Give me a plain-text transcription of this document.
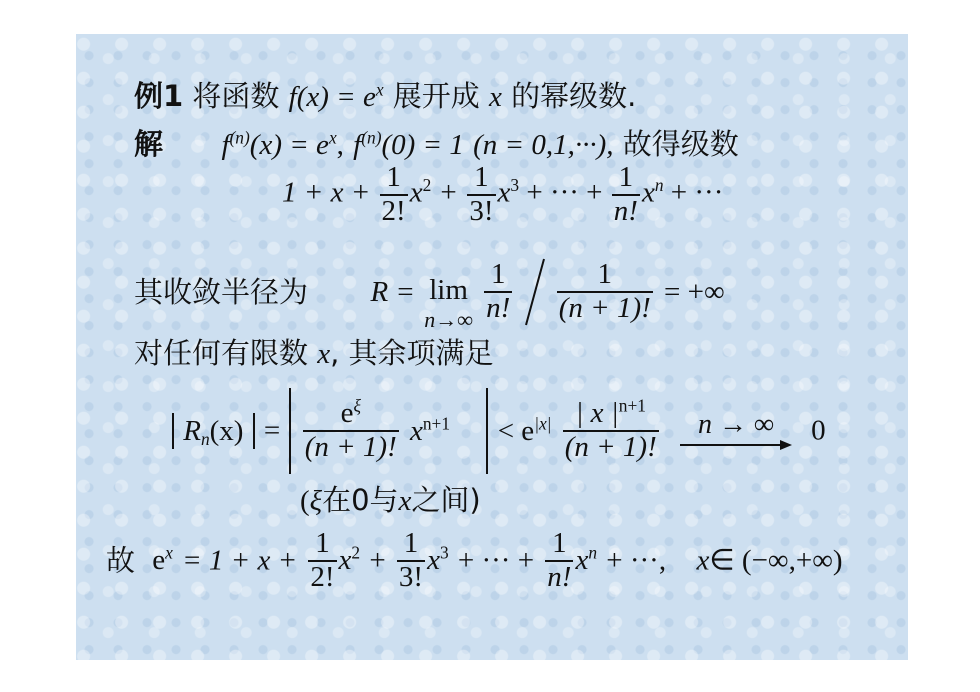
例1 将函数 $f(x) = e^x$ 展开成 x 的幂级数.
解 $f^{(n)}(x) = e^x$, $f^{(n)}(0) = 1$ (n = 0,1,···), 故得级数
$1 + x + \frac{1}{2!} x^2 + \frac{1}{3!} x^3$ + ··· + $\frac{1}{n!} x^n$ + ···
其收敛半径为 R = lim
n→∞
$\frac{1}{n!}$
$\frac{1}{(n + 1)!}$ = +∞
对任何有限数 x, 其余项满足
$R_n(x) = \frac{e^\xi}{(n + 1)!} x^{n+1} < e^{|x|} \frac{| x |^{n+1}}{(n + 1)!}$
	n → ∞	0
(ξ在0与x之间)
故 $e^x = 1 + x + \frac{1}{2!} x^2 + \frac{1}{3!} x^3$ + ··· + $\frac{1}{n!} x^n$ + ···, x∈ (−∞,+∞)
